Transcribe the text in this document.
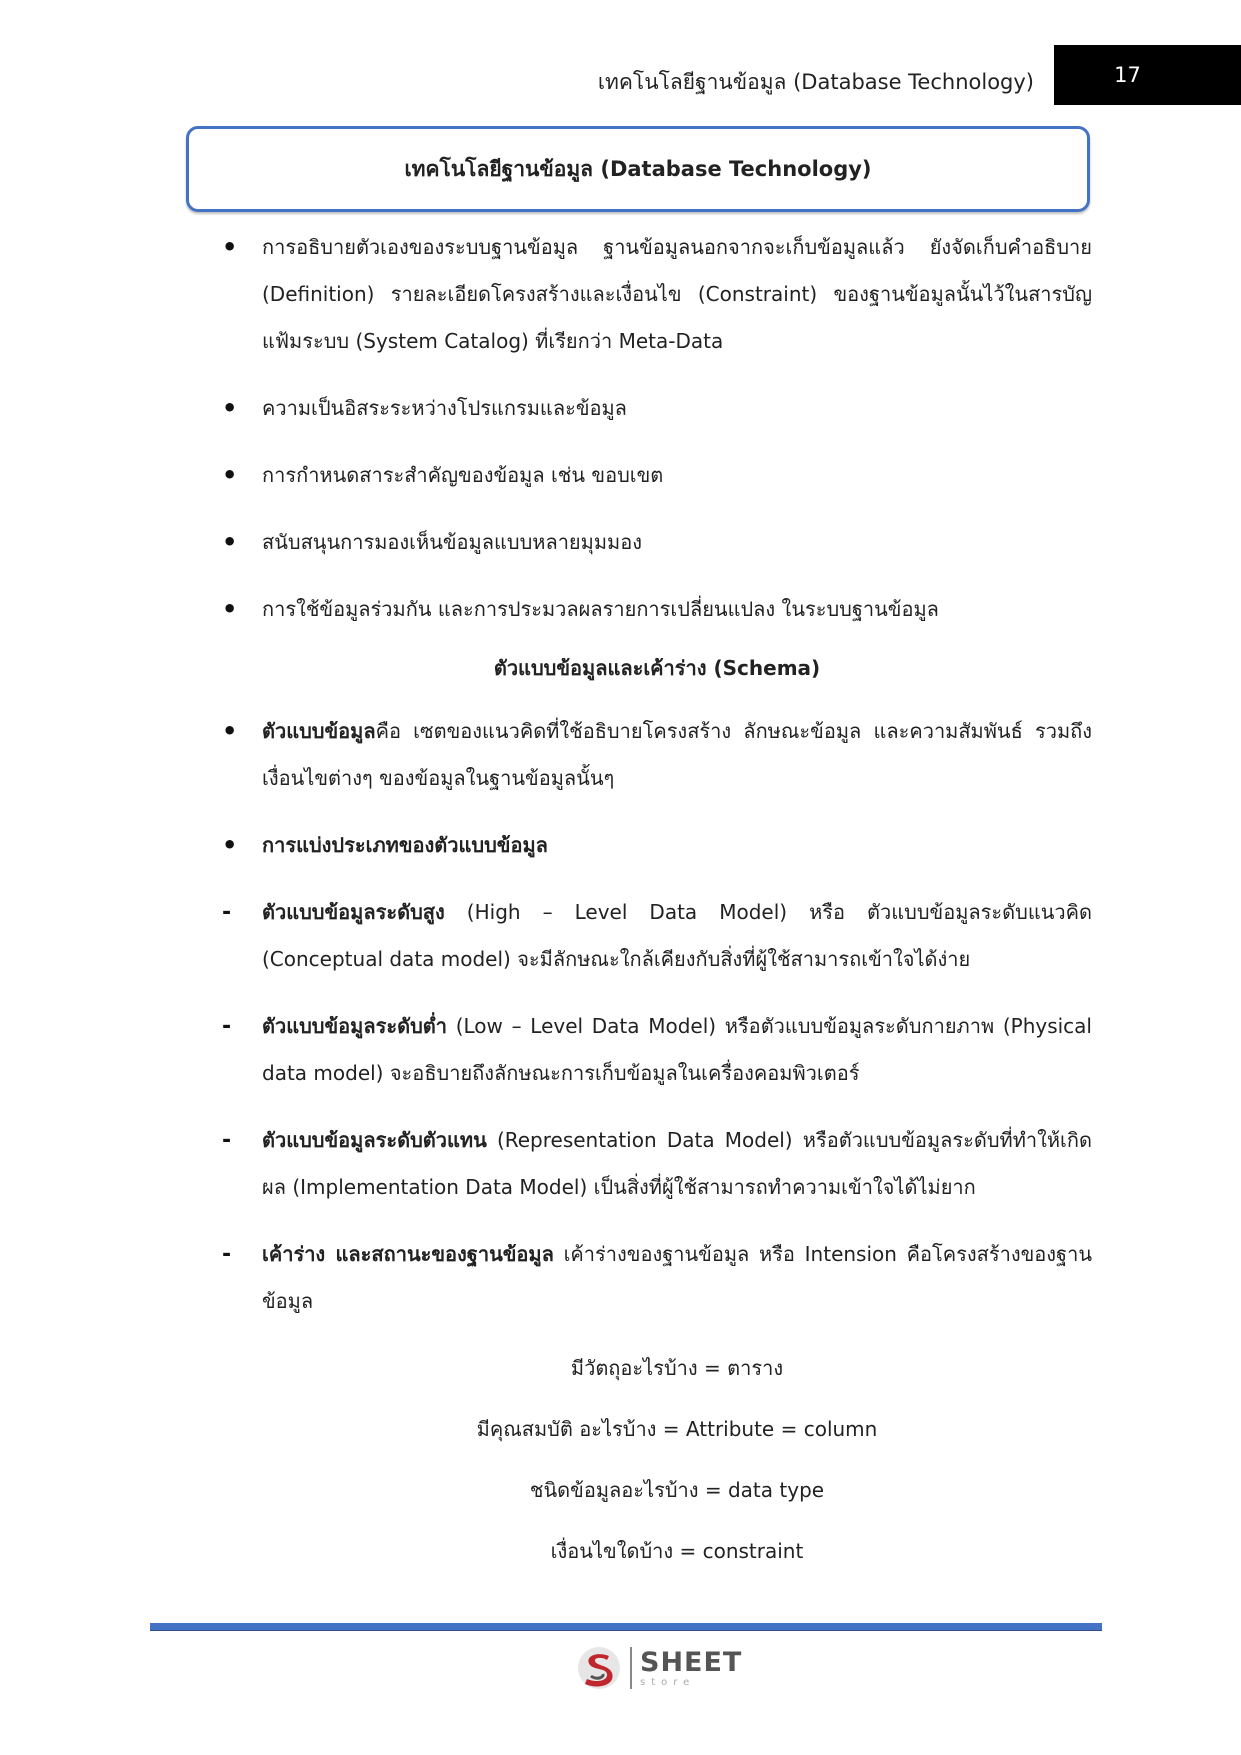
เทคโนโลยีฐานข้อมูล (Database Technology)	17
เทคโนโลยีฐานข้อมูล (Database Technology)
• การอธิบายตัวเองของระบบฐานข้อมูล ฐานข้อมูลนอกจากจะเก็บข้อมูลแล้ว ยังจัดเก็บคำอธิบาย (Definition) รายละเอียดโครงสร้างและเงื่อนไข (Constraint) ของฐานข้อมูลนั้นไว้ในสารบัญแฟ้มระบบ (System Catalog) ที่เรียกว่า Meta-Data
• ความเป็นอิสระระหว่างโปรแกรมและข้อมูล
• การกำหนดสาระสำคัญของข้อมูล เช่น ขอบเขต
• สนับสนุนการมองเห็นข้อมูลแบบหลายมุมมอง
• การใช้ข้อมูลร่วมกัน และการประมวลผลรายการเปลี่ยนแปลง ในระบบฐานข้อมูล
ตัวแบบข้อมูลและเค้าร่าง (Schema)
• ตัวแบบข้อมูลคือ เซตของแนวคิดที่ใช้อธิบายโครงสร้าง ลักษณะข้อมูล และความสัมพันธ์ รวมถึงเงื่อนไขต่างๆ ของข้อมูลในฐานข้อมูลนั้นๆ
• การแบ่งประเภทของตัวแบบข้อมูล
- ตัวแบบข้อมูลระดับสูง (High – Level Data Model) หรือ ตัวแบบข้อมูลระดับแนวคิด (Conceptual data model) จะมีลักษณะใกล้เคียงกับสิ่งที่ผู้ใช้สามารถเข้าใจได้ง่าย
- ตัวแบบข้อมูลระดับต่ำ (Low – Level Data Model) หรือตัวแบบข้อมูลระดับกายภาพ (Physical data model) จะอธิบายถึงลักษณะการเก็บข้อมูลในเครื่องคอมพิวเตอร์
- ตัวแบบข้อมูลระดับตัวแทน (Representation Data Model) หรือตัวแบบข้อมูลระดับที่ทำให้เกิดผล (Implementation Data Model) เป็นสิ่งที่ผู้ใช้สามารถทำความเข้าใจได้ไม่ยาก
- เค้าร่าง และสถานะของฐานข้อมูล เค้าร่างของฐานข้อมูล หรือ Intension คือโครงสร้างของฐานข้อมูล
มีวัตถุอะไรบ้าง = ตาราง
มีคุณสมบัติ อะไรบ้าง = Attribute = column
ชนิดข้อมูลอะไรบ้าง = data type
เงื่อนไขใดบ้าง = constraint
SHEET
store
